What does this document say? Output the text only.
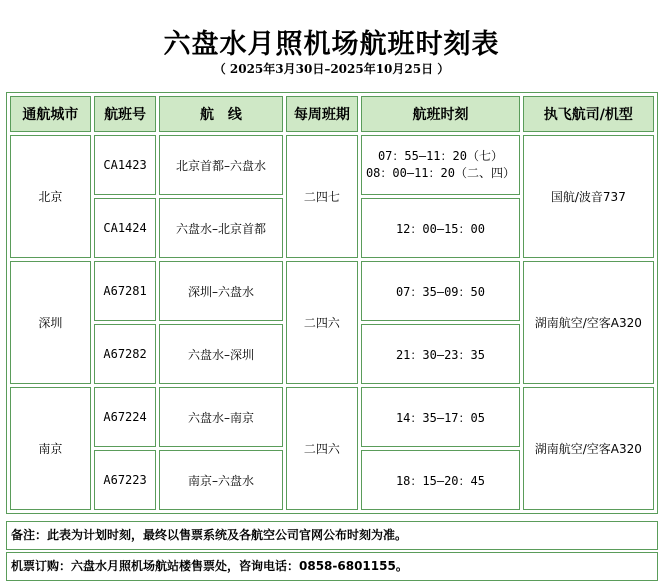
六盘水月照机场航班时刻表
（ 2025年3月30日–2025年10月25日 ）
通航城市	航班号	航　线	每周班期	航班时刻	执飞航司/机型
北京	CA1423	北京首都–六盘水	二四七	07：55–11：20（七）
08：00–11：20（二、四）	国航/波音737
	CA1424	六盘水–北京首都		12：00–15：00	
深圳	A67281	深圳–六盘水	二四六	07：35–09：50	湖南航空/空客A320
	A67282	六盘水–深圳		21：30–23：35	
南京	A67224	六盘水–南京	二四六	14：35–17：05	湖南航空/空客A320
	A67223	南京–六盘水		18：15–20：45	
备注：此表为计划时刻，最终以售票系统及各航空公司官网公布时刻为准。
机票订购：六盘水月照机场航站楼售票处，咨询电话：0858-6801155。
